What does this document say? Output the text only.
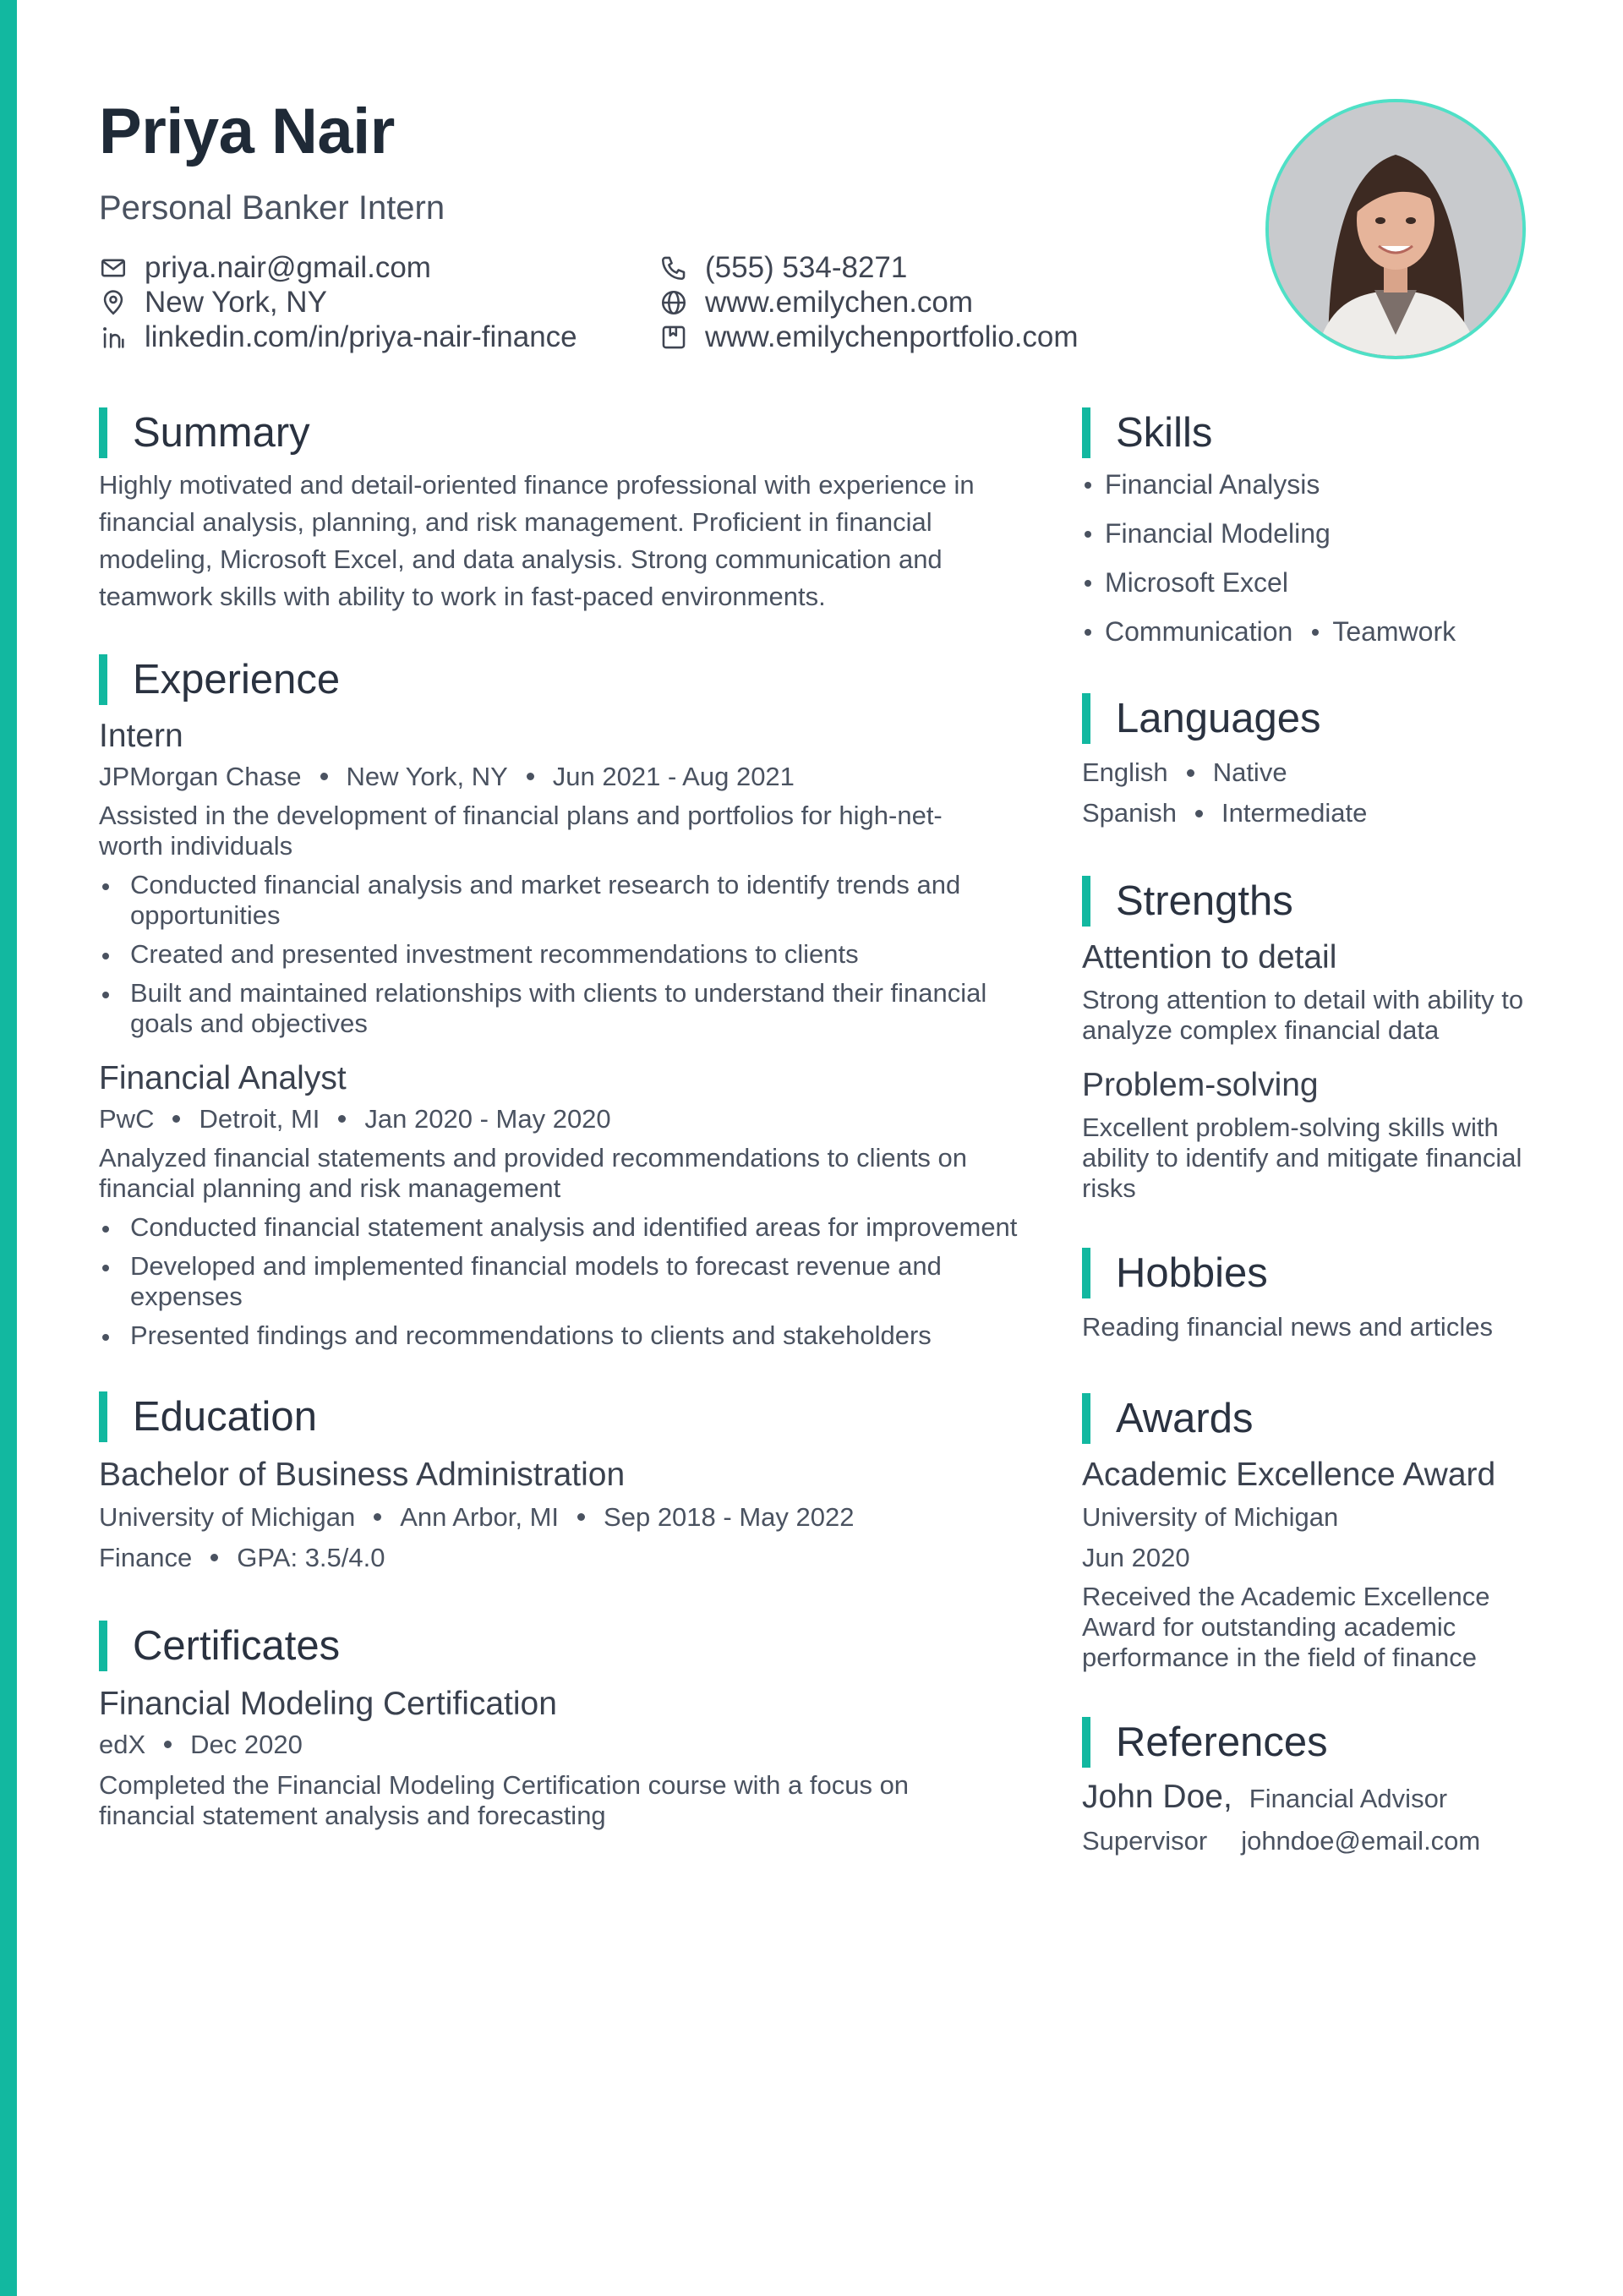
Priya Nair
Personal Banker Intern
priya.nair@gmail.com	(555) 534-8271
New York, NY	www.emilychen.com
linkedin.com/in/priya-nair-finance	www.emilychenportfolio.com
Summary

Highly motivated and detail-oriented finance professional with experience in financial analysis, planning, and risk management. Proficient in financial modeling, Microsoft Excel, and data analysis. Strong communication and teamwork skills with ability to work in fast-paced environments.

Experience
Intern
JPMorgan Chase New York, NY Jun 2021 - Aug 2021

Assisted in the development of financial plans and portfolios for high-net-worth individuals

Conducted financial analysis and market research to identify trends and opportunities
Created and presented investment recommendations to clients
Built and maintained relationships with clients to understand their financial goals and objectives
Financial Analyst
PwC Detroit, MI Jan 2020 - May 2020

Analyzed financial statements and provided recommendations to clients on financial planning and risk management

Conducted financial statement analysis and identified areas for improvement
Developed and implemented financial models to forecast revenue and expenses
Presented findings and recommendations to clients and stakeholders
Education
Bachelor of Business Administration
University of Michigan Ann Arbor, MI Sep 2018 - May 2022
Finance GPA: 3.5/4.0
Certificates
Financial Modeling Certification
edX Dec 2020

Completed the Financial Modeling Certification course with a focus on financial statement analysis and forecasting

Skills
Financial Analysis
Financial Modeling
Microsoft Excel
Communication	Teamwork
Languages
English Native
Spanish Intermediate
Strengths
Attention to detail

Strong attention to detail with ability to analyze complex financial data

Problem-solving

Excellent problem-solving skills with ability to identify and mitigate financial risks

Hobbies

Reading financial news and articles

Awards
Academic Excellence Award
University of Michigan
Jun 2020

Received the Academic Excellence Award for outstanding academic performance in the field of finance

References
John Doe, Financial Advisor
Supervisor johndoe@email.com
